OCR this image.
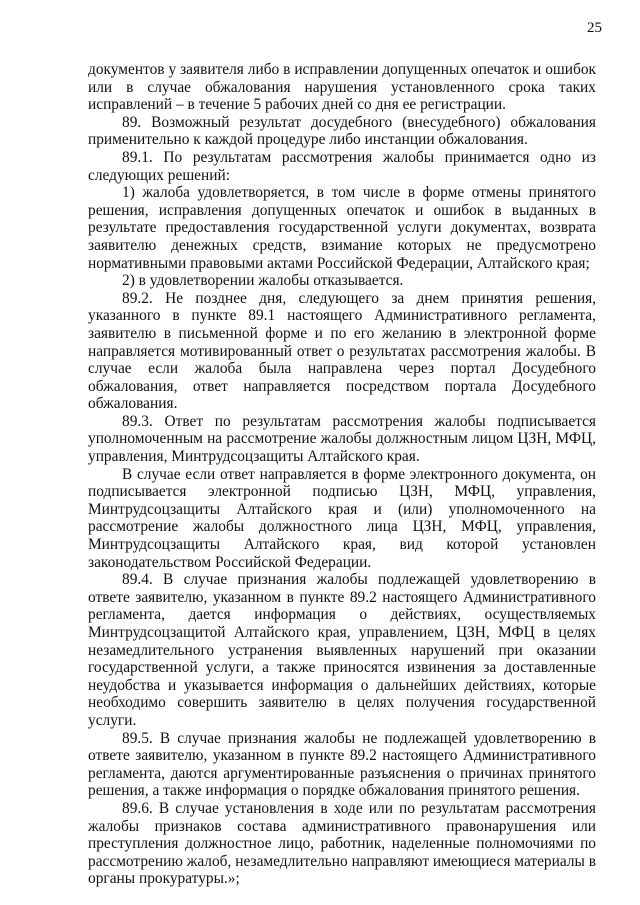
25

документов у заявителя либо в исправлении допущенных опечаток и ошибок или в случае обжалования нарушения установленного срока таких исправлений – в течение 5 рабочих дней со дня ее регистрации.

89. Возможный результат досудебного (внесудебного) обжалования применительно к каждой процедуре либо инстанции обжалования.

89.1. По результатам рассмотрения жалобы принимается одно из следующих решений:

1) жалоба удовлетворяется, в том числе в форме отмены принятого решения, исправления допущенных опечаток и ошибок в выданных в результате предоставления государственной услуги документах, возврата заявителю денежных средств, взимание которых не предусмотрено нормативными правовыми актами Российской Федерации, Алтайского края;

2) в удовлетворении жалобы отказывается.

89.2. Не позднее дня, следующего за днем принятия решения, указанного в пункте 89.1 настоящего Административного регламента, заявителю в письменной форме и по его желанию в электронной форме направляется мотивированный ответ о результатах рассмотрения жалобы. В случае если жалоба была направлена через портал Досудебного обжалования, ответ направляется посредством портала Досудебного обжалования.

89.3. Ответ по результатам рассмотрения жалобы подписывается уполномоченным на рассмотрение жалобы должностным лицом ЦЗН, МФЦ, управления, Минтрудсоцзащиты Алтайского края.

В случае если ответ направляется в форме электронного документа, он подписывается электронной подписью ЦЗН, МФЦ, управления, Минтрудсоцзащиты Алтайского края и (или) уполномоченного на рассмотрение жалобы должностного лица ЦЗН, МФЦ, управления, Минтрудсоцзащиты Алтайского края, вид которой установлен законодательством Российской Федерации.

89.4. В случае признания жалобы подлежащей удовлетворению в ответе заявителю, указанном в пункте 89.2 настоящего Административного регламента, дается информация о действиях, осуществляемых Минтрудсоцзащитой Алтайского края, управлением, ЦЗН, МФЦ в целях незамедлительного устранения выявленных нарушений при оказании государственной услуги, а также приносятся извинения за доставленные неудобства и указывается информация о дальнейших действиях, которые необходимо совершить заявителю в целях получения государственной услуги.

89.5. В случае признания жалобы не подлежащей удовлетворению в ответе заявителю, указанном в пункте 89.2 настоящего Административного регламента, даются аргументированные разъяснения о причинах принятого решения, а также информация о порядке обжалования принятого решения.

89.6. В случае установления в ходе или по результатам рассмотрения жалобы признаков состава административного правонарушения или преступления должностное лицо, работник, наделенные полномочиями по рассмотрению жалоб, незамедлительно направляют имеющиеся материалы в органы прокуратуры.»;
